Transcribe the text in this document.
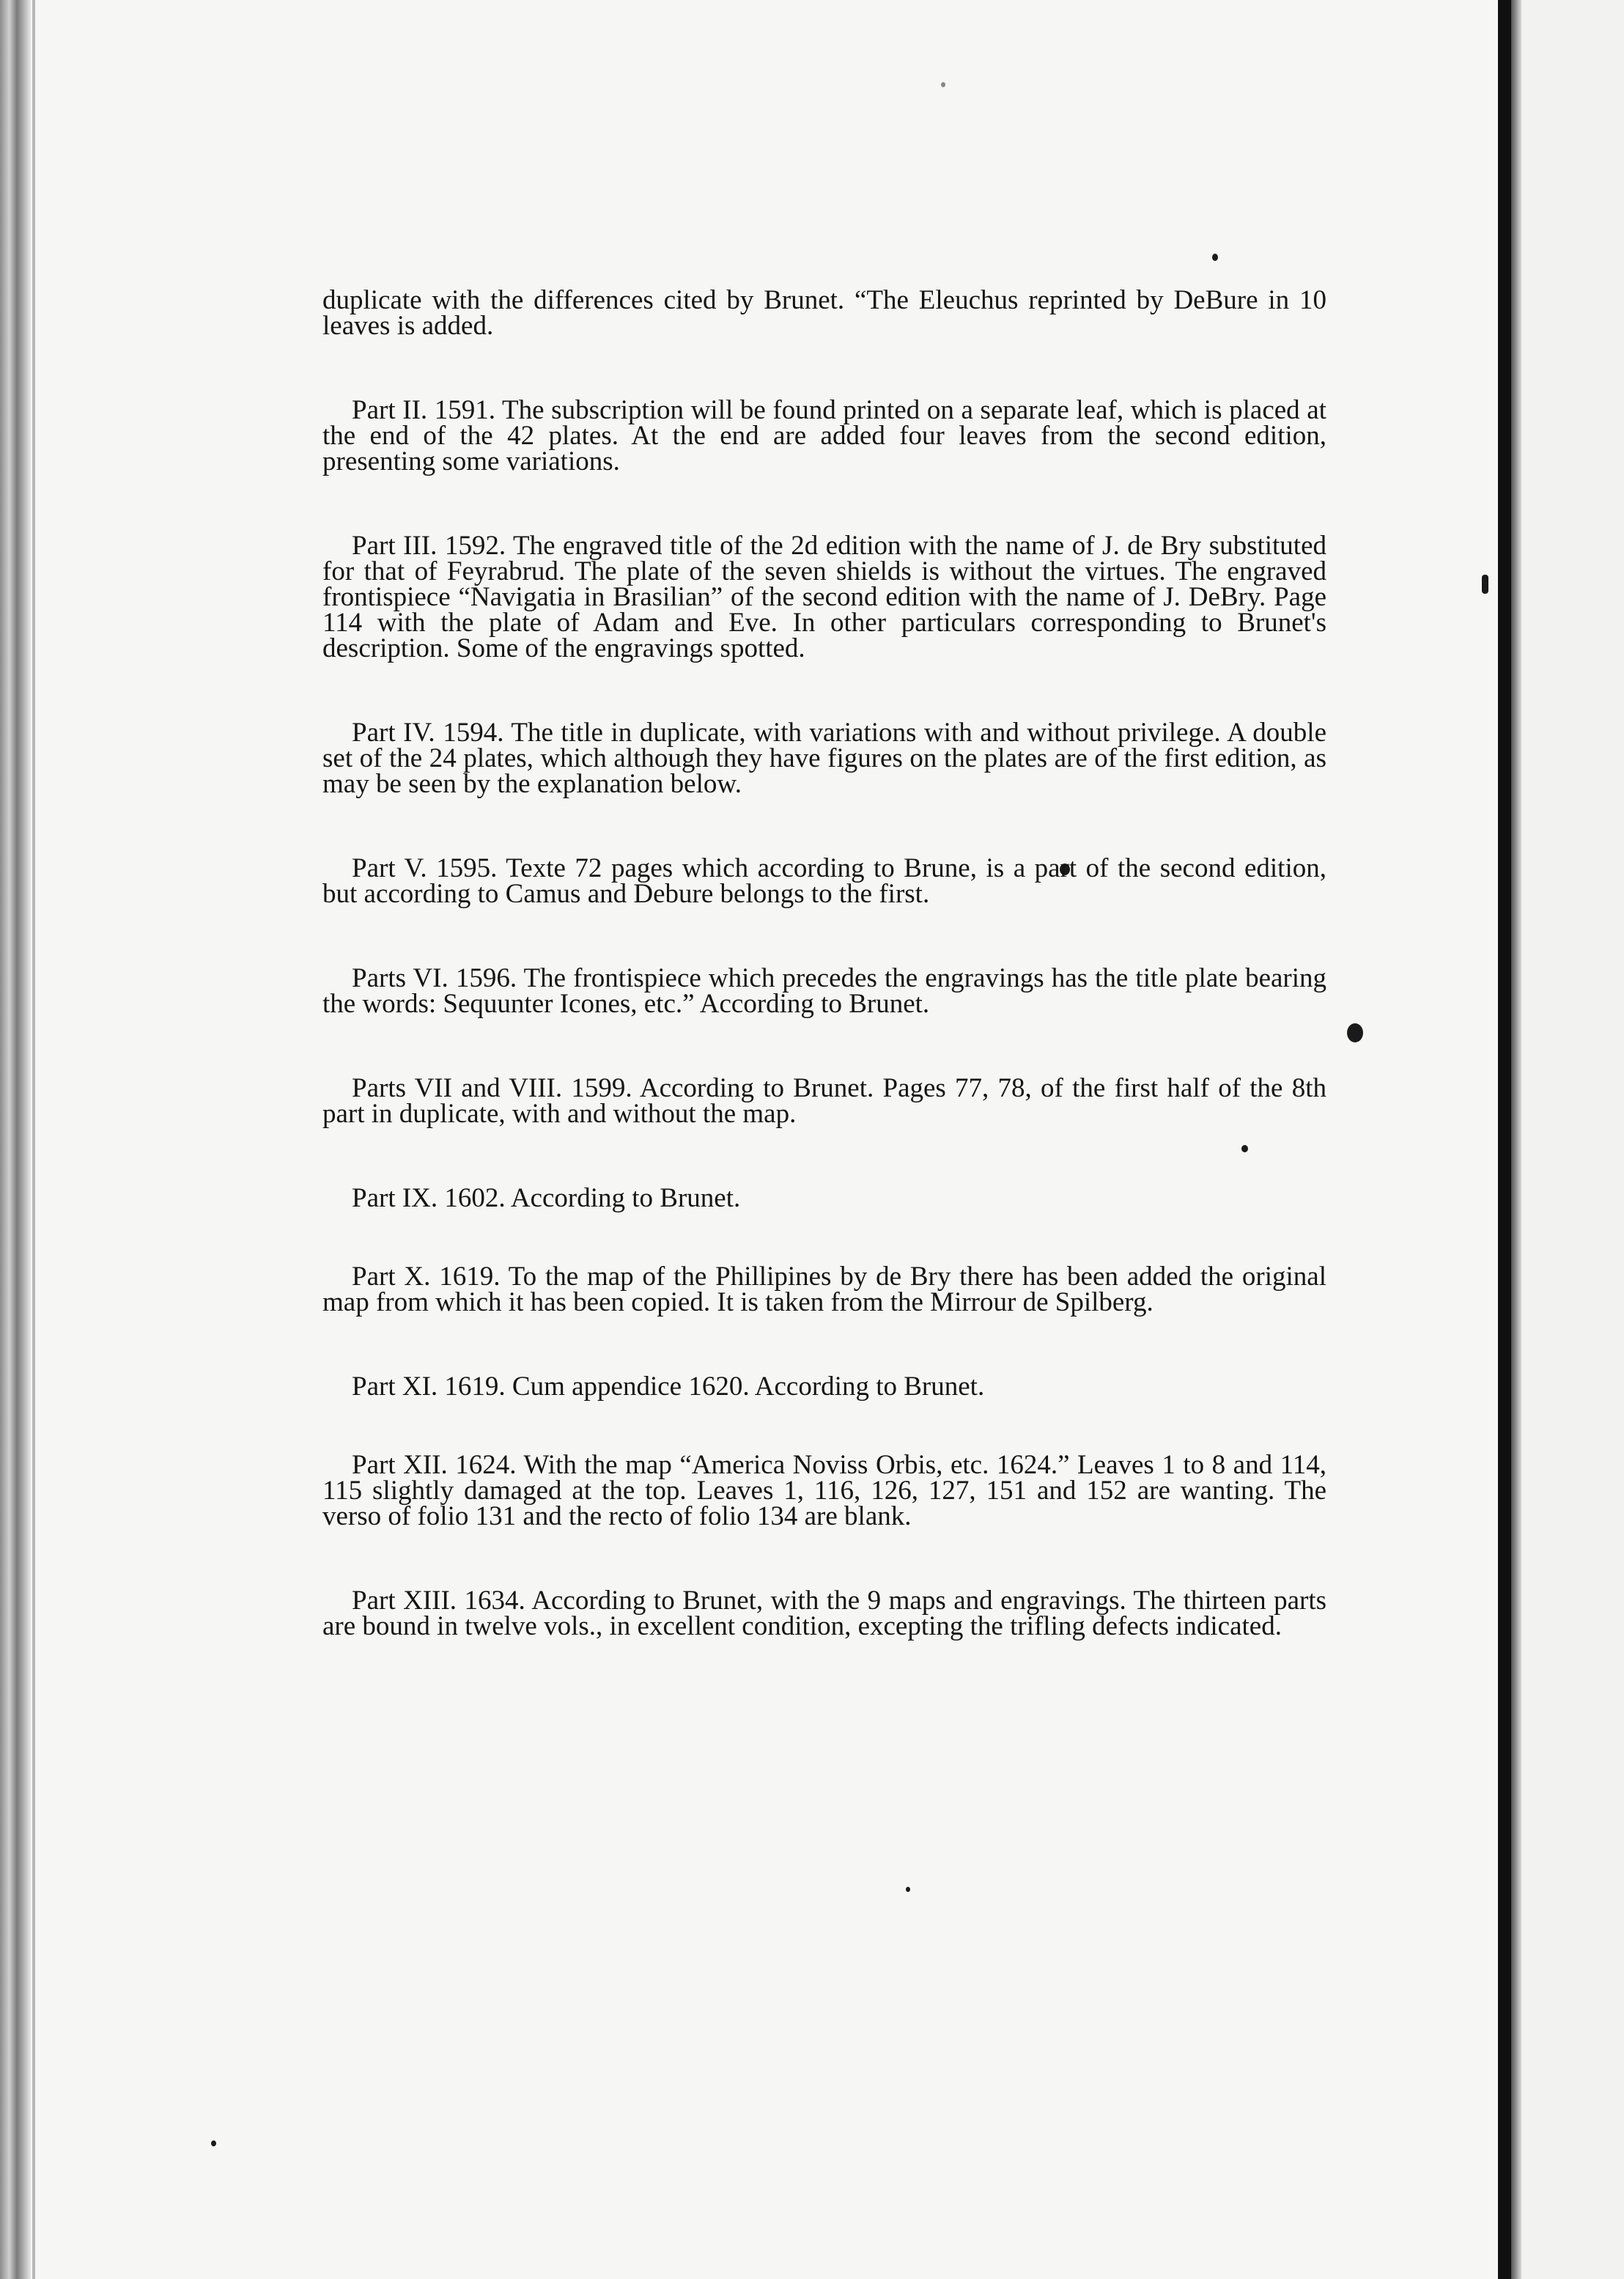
duplicate with the differences cited by Brunet. “The Eleuchus reprinted by DeBure in 10 leaves is added.

Part II. 1591. The subscription will be found printed on a separate leaf, which is placed at the end of the 42 plates. At the end are added four leaves from the second edition, presenting some variations.

Part III. 1592. The engraved title of the 2d edition with the name of J. de Bry substituted for that of Feyrabrud. The plate of the seven shields is without the virtues. The engraved frontispiece “Navigatia in Brasilian” of the second edition with the name of J. DeBry. Page 114 with the plate of Adam and Eve. In other particulars corresponding to Brunet's description. Some of the engravings spotted.

Part IV. 1594. The title in duplicate, with variations with and without privilege. A double set of the 24 plates, which although they have figures on the plates are of the first edition, as may be seen by the explanation below.

Part V. 1595. Texte 72 pages which according to Brune, is a part of the second edition, but according to Camus and Debure belongs to the first.

Parts VI. 1596. The frontispiece which precedes the engravings has the title plate bearing the words: Sequunter Icones, etc.” According to Brunet.

Parts VII and VIII. 1599. According to Brunet. Pages 77, 78, of the first half of the 8th part in duplicate, with and without the map.

Part IX. 1602. According to Brunet.

Part X. 1619. To the map of the Phillipines by de Bry there has been added the original map from which it has been copied. It is taken from the Mirrour de Spilberg.

Part XI. 1619. Cum appendice 1620. According to Brunet.

Part XII. 1624. With the map “America Noviss Orbis, etc. 1624.” Leaves 1 to 8 and 114, 115 slightly damaged at the top. Leaves 1, 116, 126, 127, 151 and 152 are wanting. The verso of folio 131 and the recto of folio 134 are blank.

Part XIII. 1634. According to Brunet, with the 9 maps and engravings. The thirteen parts are bound in twelve vols., in excellent condition, excepting the trifling defects indicated.
